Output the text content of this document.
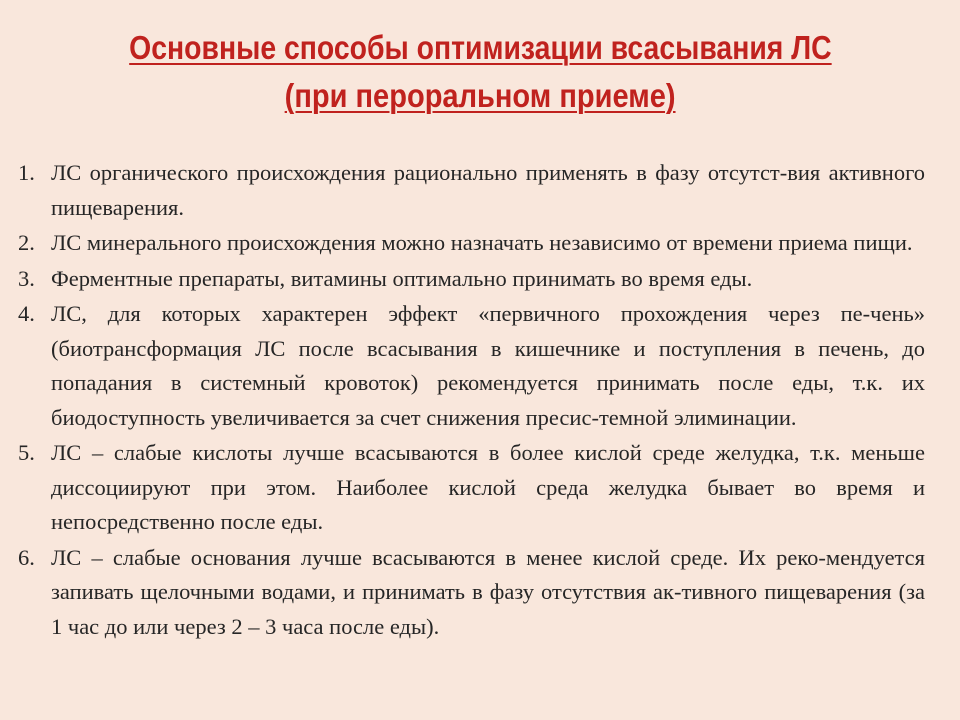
Основные способы оптимизации всасывания ЛС
(при пероральном приеме)
1. ЛС органического происхождения рационально применять в фазу отсутст-вия активного пищеварения.
2. ЛС минерального происхождения можно назначать независимо от времени приема пищи.
3. Ферментные препараты, витамины оптимально принимать во время еды.
4. ЛС, для которых характерен эффект «первичного прохождения через пе-чень» (биотрансформация ЛС после всасывания в кишечнике и поступления в печень, до попадания в системный кровоток) рекомендуется принимать после еды, т.к. их биодоступность увеличивается за счет снижения пресис-темной элиминации.
5. ЛС – слабые кислоты лучше всасываются в более кислой среде желудка, т.к. меньше диссоциируют при этом. Наиболее кислой среда желудка бывает во время и непосредственно после еды.
6. ЛС – слабые основания лучше всасываются в менее кислой среде. Их реко-мендуется запивать щелочными водами, и принимать в фазу отсутствия ак-тивного пищеварения (за 1 час до или через 2 – 3 часа после еды).
